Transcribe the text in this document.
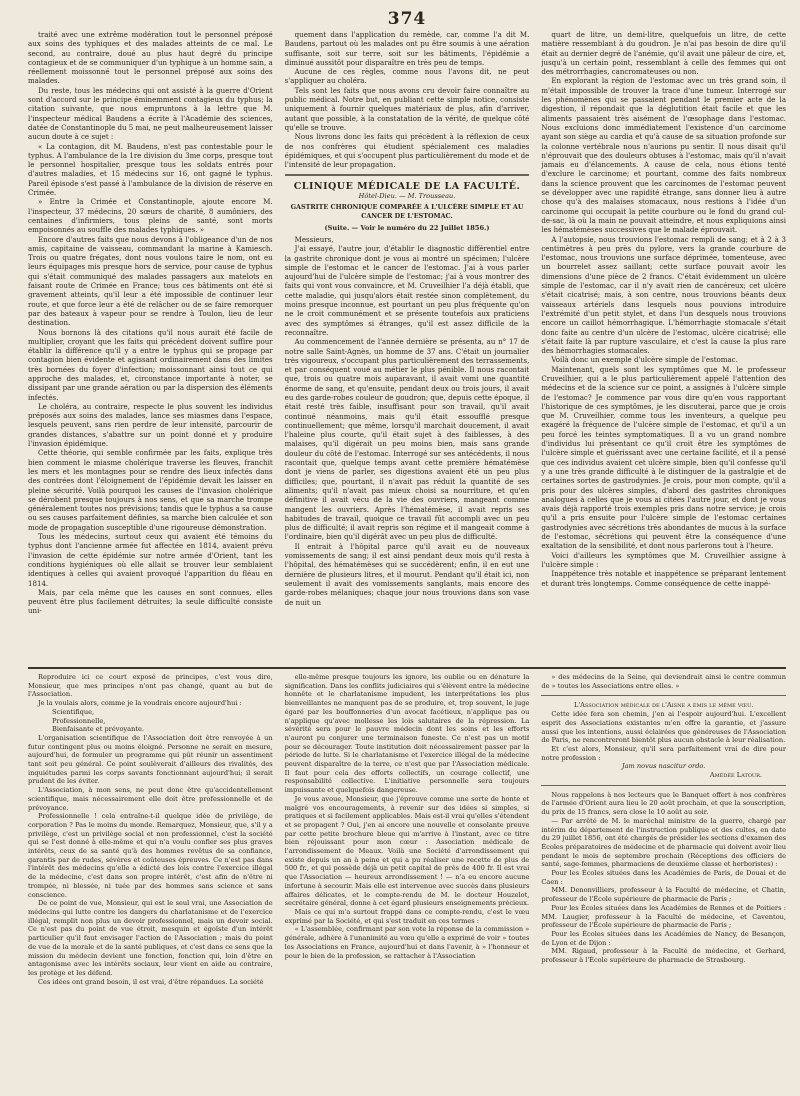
374

traité avec une extrême modération tout le personnel préposé aux soins des typhiques et des malades atteints de ce mal. Le second, au contraire, doué au plus haut degré du principe contagieux et de se communiquer d'un typhique à un homme sain, a réellement moissonné tout le personnel préposé aux soins des malades.

Du reste, tous les médecins qui ont assisté à la guerre d'Orient sont d'accord sur le principe éminemment contagieux du typhus; la citation suivante, que nous empruntons à la lettre que M. l'inspecteur médical Baudens a écrite à l'Académie des sciences, datée de Constantinople du 5 mai, ne peut malheureusement laisser aucun doute à ce sujet :

« La contagion, dit M. Baudens, n'est pas contestable pour le typhus. A l'ambulance de la 1re division du 3me corps, presque tout le personnel hospitalier, presque tous les soldats entrés pour d'autres maladies, et 15 médecins sur 16, ont gagné le typhus. Pareil épisode s'est passé à l'ambulance de la division de réserve en Crimée.

» Entre la Crimée et Constantinople, ajoute encore M. l'inspecteur, 37 médecins, 20 sœurs de charité, 8 aumôniers, des centaines d'infirmiers, tous pleins de santé, sont morts empoisonnés au souffle des malades typhiques. »

Encore d'autres faits que nous devons à l'obligeance d'un de nos amis, capitaine de vaisseau, commandant la marine à Kamiesch. Trois ou quatre frégates, dont nous voulons taire le nom, ont eu leurs équipages mis presque hors de service, pour cause de typhus qui s'était communiqué des malades passagers aux matelots en faisant route de Crimée en France; tous ces bâtiments ont été si gravement atteints, qu'il leur a été impossible de continuer leur route, et que force leur a été de relâcher ou de se faire remorquer par des bateaux à vapeur pour se rendre à Toulon, lieu de leur destination.

Nous bornons là des citations qu'il nous aurait été facile de multiplier, croyant que les faits qui précèdent doivent suffire pour établir la différence qu'il y a entre le typhus qui se propage par contagion bien évidente et agissant ordinairement dans des limites très bornées du foyer d'infection; moissonnant ainsi tout ce qui approche des malades, et, circonstance importante à noter, se dissipant par une grande aération ou par la dispersion des éléments infectés.

Le choléra, au contraire, respecte le plus souvent les individus préposés aux soins des malades, lance ses miasmes dans l'espace, lesquels peuvent, sans rien perdre de leur intensité, parcourir de grandes distances, s'abattre sur un point donné et y produire l'invasion épidémique.

Cette théorie, qui semble confirmée par les faits, explique très bien comment le miasme cholérique traverse les fleuves, franchit les mers et les montagnes pour se rendre des lieux infectés dans des contrées dont l'éloignement de l'épidémie devait les laisser en pleine sécurité. Voilà pourquoi les causes de l'invasion cholérique se dérobent presque toujours à nos sens, et que sa marche trompe généralement toutes nos prévisions; tandis que le typhus a sa cause ou ses causes parfaitement définies, sa marche bien calculée et son mode de propagation susceptible d'une rigoureuse démonstration.

Tous les médecins, surtout ceux qui avaient été témoins du typhus dont l'ancienne armée fut affectée en 1814, avaient prévu l'invasion de cette épidémie sur notre armée d'Orient, tant les conditions hygiéniques où elle allait se trouver leur semblaient identiques à celles qui avaient provoqué l'apparition du fléau en 1814.

Mais, par cela même que les causes en sont connues, elles peuvent être plus facilement détruites; la seule difficulté consiste uni-

quement dans l'application du remède, car, comme l'a dit M. Baudens, partout où les malades ont pu être soumis à une aération suffisante, soit sur terre, soit sur les bâtiments, l'épidémie a diminué aussitôt pour disparaître en très peu de temps.

Aucune de ces règles, comme nous l'avons dit, ne peut s'appliquer au choléra.

Tels sont les faits que nous avons cru devoir faire connaître au public médical. Notre but, en publiant cette simple notice, consiste uniquement à fournir quelques matériaux de plus, afin d'arriver, autant que possible, à la constatation de la vérité, de quelque côté qu'elle se trouve.

Nous livrons donc les faits qui précèdent à la réflexion de ceux de nos confrères qui étudient spécialement ces maladies épidémiques, et qui s'occupent plus particulièrement du mode et de l'intensité de leur propagation.

CLINIQUE MÉDICALE DE LA FACULTÉ.

Hôtel-Dieu. — M. Trousseau.
GASTRITE CHRONIQUE COMPARÉE A L'ULCÈRE SIMPLE ET AU CANCER DE L'ESTOMAC.
(Suite. — Voir le numéro du 22 Juillet 1856.)

Messieurs,

J'ai essayé, l'autre jour, d'établir le diagnostic différentiel entre la gastrite chronique dont je vous ai montré un spécimen; l'ulcère simple de l'estomac et le cancer de l'estomac. J'ai à vous parler aujourd'hui de l'ulcère simple de l'estomac; j'ai à vous montrer des faits qui vont vous convaincre, et M. Cruveilhier l'a déjà établi, que cette maladie, qui jusqu'alors était restée sinon complètement, du moins presque inconnue, est pourtant un peu plus fréquente qu'on ne le croit communément et se présente toutefois aux praticiens avec des symptômes si étranges, qu'il est assez difficile de la reconnaître.

Au commencement de l'année dernière se présenta, au n° 17 de notre salle Saint-Agnès, un homme de 37 ans. C'était un journalier très vigoureux, s'occupant plus particulièrement des terrassements, et par conséquent voué au métier le plus pénible. Il nous racontait que, trois ou quatre mois auparavant, il avait vomi une quantité énorme de sang, et qu'ensuite, pendant deux ou trois jours, il avait eu des garde-robes couleur de goudron; que, depuis cette époque, il était resté très faible, insuffisant pour son travail, qu'il avait continué néanmoins, mais qu'il était essoufflé presque continuellement; que même, lorsqu'il marchait doucement, il avait l'haleine plus courte, qu'il était sujet à des faiblesses, à des malaises, qu'il digérait un peu moins bien, mais sans grande douleur du côté de l'estomac. Interrogé sur ses antécédents, il nous racontait que, quelque temps avant cette première hématémèse dont je viens de parler, ses digestions avaient été un peu plus difficiles; que, pourtant, il n'avait pas réduit la quantité de ses aliments; qu'il n'avait pas mieux choisi sa nourriture, et qu'en définitive il avait vécu de la vie des ouvriers, mangeant comme mangent les ouvriers. Après l'hématémèse, il avait repris ses habitudes de travail, quoique ce travail fût accompli avec un peu plus de difficulté; il avait repris son régime et il mangeait comme à l'ordinaire, bien qu'il digérât avec un peu plus de difficulté.

Il entrait à l'hôpital parce qu'il avait eu de nouveaux vomissements de sang; il est ainsi pendant deux mois qu'il resta à l'hôpital, des hématémèses qui se succédèrent; enfin, il en eut une dernière de plusieurs litres, et il mourut. Pendant qu'il était ici, non seulement il avait des vomissements sanglants, mais encore des garde-robes mélaniques; chaque jour nous trouvions dans son vase de nuit un

quart de litre, un demi-litre, quelquefois un litre, de cette matière ressemblant à du goudron. Je n'ai pas besoin de dire qu'il était au dernier degré de l'anémie, qu'il avait une pâleur de cire, et, jusqu'à un certain point, ressemblant à celle des femmes qui ont des métrorrhagies, cancromateuses ou non.

En explorant la région de l'estomac avec un très grand soin, il m'était impossible de trouver la trace d'une tumeur. Interrogé sur les phénomènes qui se passaient pendant le premier acte de la digestion, il répondait que la déglutition était facile et que les aliments passaient très aisément de l'œsophage dans l'estomac. Nous excluions donc immédiatement l'existence d'un carcinome ayant son siège au cardia et qu'à cause de sa situation profonde sur la colonne vertébrale nous n'aurions pu sentir. Il nous disait qu'il n'éprouvait que des douleurs obtuses à l'estomac, mais qu'il n'avait jamais eu d'élancements. A cause de cela, nous étions tenté d'exclure le carcinome; et pourtant, comme des faits nombreux dans la science prouvent que les carcinomes de l'estomac peuvent se développer avec une rapidité étrange, sans donner lieu à autre chose qu'à des malaises stomacaux, nous restions à l'idée d'un carcinome qui occupait la petite courbure ou le fond du grand cul-de-sac, là où la main ne pouvait atteindre, et nous expliquions ainsi les hématémèses successives que le malade éprouvait.

A l'autopsie, nous trouvions l'estomac rempli de sang; et à 2 à 3 centimètres à peu près du pylore, vers la grande courbure de l'estomac, nous trouvions une surface déprimée, tomenteuse, avec un bourrelet assez saillant; cette surface pouvait avoir les dimensions d'une pièce de 2 francs. C'était évidemment un ulcère simple de l'estomac, car il n'y avait rien de cancéreux; cet ulcère s'était cicatrisé; mais, à son centre, nous trouvions béants deux vaisseaux artériels dans lesquels nous pouvions introduire l'extrémité d'un petit stylet, et dans l'un desquels nous trouvions encore un caillot hémorrhagique. L'hémorrhagie stomacale s'était donc faite au centre d'un ulcère de l'estomac, ulcère cicatrisé; elle s'était faite là par rupture vasculaire, et c'est la cause la plus rare des hémorrhagies stomacales.

Voilà donc un exemple d'ulcère simple de l'estomac.

Maintenant, quels sont les symptômes que M. le professeur Cruveilhier, qui a le plus particulièrement appelé l'attention des médecins et de la science sur ce point, a assignés à l'ulcère simple de l'estomac? Je commence par vous dire qu'en vous rapportant l'historique de ces symptômes, je les discuterai, parce que je crois que M. Cruveilhier, comme tous les inventeurs, a quelque peu exagéré la fréquence de l'ulcère simple de l'estomac, et qu'il a un peu forcé les teintes symptomatiques. Il a vu un grand nombre d'individus lui présentant ce qu'il croit être les symptômes de l'ulcère simple et guérissant avec une certaine facilité, et il a pensé que ces individus avaient cet ulcère simple, bien qu'il confesse qu'il y a une très grande difficulté à le distinguer de la gastralgie et de certaines sortes de gastrodynies. Je crois, pour mon compte, qu'il a pris pour des ulcères simples, d'abord des gastrites chroniques analogues à celles que je vous ai citées l'autre jour, et dont je vous avais déjà rapporté trois exemples pris dans notre service; je crois qu'il a pris ensuite pour l'ulcère simple de l'estomac certaines gastrodynies avec sécrétions très abondantes de mucus à la surface de l'estomac, sécrétions qui peuvent être la conséquence d'une exaltation de la sensibilité, et dont nous parlerons tout à l'heure.

Voici d'ailleurs les symptômes que M. Cruveilhier assigne à l'ulcère simple :

Inappétence très notable et inappétence se préparant lentement et durant très longtemps. Comme conséquence de cette inappé-

Reproduire ici ce court exposé de principes, c'est vous dire, Monsieur, que mes principes n'ont pas changé, quant au but de l'Association.

Je la voulais alors, comme je la voudrais encore aujourd'hui :

Scientifique,

Professionnelle,

Bienfaisante et prévoyante.

L'organisation scientifique de l'Association doit être renvoyée à un futur contingent plus ou moins éloigné. Personne ne serait en mesure, aujourd'hui, de formuler un programme qui pût réunir un assentiment tant soit peu général. Ce point soulèverait d'ailleurs des rivalités, des inquiétudes parmi les corps savants fonctionnant aujourd'hui; il serait prudent de les éviter.

L'Association, à mon sens, ne peut donc être qu'accidentellement scientifique, mais nécessairement elle doit être professionnelle et de prévoyance.

Professionnelle ! cela entraîne-t-il quelque idée de privilège, de corporation ? Pas le moins du monde. Remarquez, Monsieur, que, s'il y a privilège, c'est un privilège social et non professionnel, c'est la société qui se l'est donné à elle-même et qui n'a voulu confier ses plus graves intérêts, ceux de sa santé qu'à des hommes revêtus de sa confiance, garantis par de rudes, sévères et coûteuses épreuves. Ce n'est pas dans l'intérêt des médecins qu'elle a édicté des lois contre l'exercice illégal de la médecine, c'est dans son propre intérêt, c'est afin de n'être ni trompée, ni blessée, ni tuée par des hommes sans science et sans conscience.

De ce point de vue, Monsieur, qui est le seul vrai, une Association de médecins qui lutte contre les dangers du charlatanisme et de l'exercice illégal, remplit non plus un devoir professionnel, mais un devoir social. Ce n'est pas du point de vue étroit, mesquin et égoïste d'un intérêt particulier qu'il faut envisager l'action de l'Association ; mais du point de vue de la morale et de la santé publiques, et c'est dans ce sens que la mission du médecin devient une fonction, fonction qui, loin d'être en antagonisme avec les intérêts sociaux, leur vient en aide au contraire, les protège et les défend.

Ces idées ont grand besoin, il est vrai, d'être répandues. La société

elle-même presque toujours les ignore, les oublie ou en dénature la signification. Dans les conflits judiciaires qui s'élèvent entre la médecine honnête et le charlatanisme impudent, les interprétations les plus bienveillantes ne manquent pas de se produire, et, trop souvent, le juge égaré par les bouffonneries d'un avocat facétieux, n'applique pas ou n'applique qu'avec mollesse les lois salutaires de la répression. La sévérité sera pour le pauvre médecin dont les soins et les efforts n'auront pu conjurer une terminaison funeste. Ce n'est pas un motif pour se décourager. Toute institution doit nécessairement passer par la période de lutte. Si le charlatanisme et l'exercice illégal de la médecine peuvent disparaître de la terre, ce n'est que par l'Association médicale. Il faut pour cela des efforts collectifs, un courage collectif, une responsabilité collective. L'initiative personnelle sera toujours impuissante et quelquefois dangereuse.

Je vous avoue, Monsieur, que j'éprouve comme une sorte de honte et malgré vos encouragements, à revenir sur des idées si simples, si pratiques et si facilement applicables. Mais est-il vrai qu'elles s'étendent et se propagent ? Oui, j'en ai encore une nouvelle et consolante preuve par cette petite brochure bleue qui m'arrive à l'instant, avec ce titre bien réjouissant pour mon cœur : Association médicale de l'arrondissement de Meaux. Voilà une Société d'arrondissement qui existe depuis un an à peine et qui a pu réaliser une recette de plus de 500 fr., et qui possède déjà un petit capital de près de 400 fr. Il est vrai que l'Association — heureux arrondissement ! — n'a eu encore aucune infortune à secourir. Mais elle est intervenue avec succès dans plusieurs affaires délicates, et le compte-rendu de M. le docteur Houzelot, secrétaire général, donne à cet égard plusieurs enseignements précieux.

Mais ce qui m'a surtout frappé dans ce compte-rendu, c'est le vœu exprimé par la Société, et qui s'est traduit en ces termes :

« L'assemblée, confirmant par son vote la réponse de la commission » générale, adhère à l'unanimité au vœu qu'elle a exprimé de voir » toutes les Associations en France, aujourd'hui et dans l'avenir, à » l'honneur et pour le bien de la profession, se rattacher à l'Association

» des médecins de la Seine, qui deviendrait ainsi le centre commun de » toutes les Associations entre elles. »

L'Association médicale de l'Aisne a émis le même vœu.

Cette idée fera son chemin, j'en ai l'espoir aujourd'hui. L'excellent esprit des Associations existantes m'en offre la garantie, et j'assure aussi que les intentions, aussi éclairées que généreuses de l'Association de Paris, ne rencontreront bientôt plus aucun obstacle à leur réalisation.

Et c'est alors, Monsieur, qu'il sera parfaitement vrai de dire pour notre profession :

Jam novus nascitur ordo.

Amédée Latour.

Nous rappelons à nos lecteurs que le Banquet offert à nos confrères de l'armée d'Orient aura lieu le 20 août prochain, et que la souscription, du prix de 15 francs, sera close le 10 août au soir.

— Par arrêté de M. le maréchal ministre de la guerre, chargé par intérim du département de l'instruction publique et des cultes, en date du 29 juillet 1856, ont été chargés de présider les sections d'examen des Écoles préparatoires de médecine et de pharmacie qui doivent avoir lieu pendant le mois de septembre prochain (Réceptions des officiers de santé, sage-femmes, pharmaciens de deuxième classe et herboristes) :

Pour les Écoles situées dans les Académies de Paris, de Douai et de Caen :

MM. Denonvilliers, professeur à la Faculté de médecine, et Chatin, professeur de l'École supérieure de pharmacie de Paris ;

Pour les Écoles situées dans les Académies de Rennes et de Poitiers : MM. Laugier, professeur à la Faculté de médecine, et Caventou, professeur de l'École supérieure de pharmacie de Paris ;

Pour les Écoles situées dans les Académies de Nancy, de Besançon, de Lyon et de Dijon :

MM. Rigaud, professeur à la Faculté de médecine, et Gerhard, professeur à l'École supérieure de pharmacie de Strasbourg.
